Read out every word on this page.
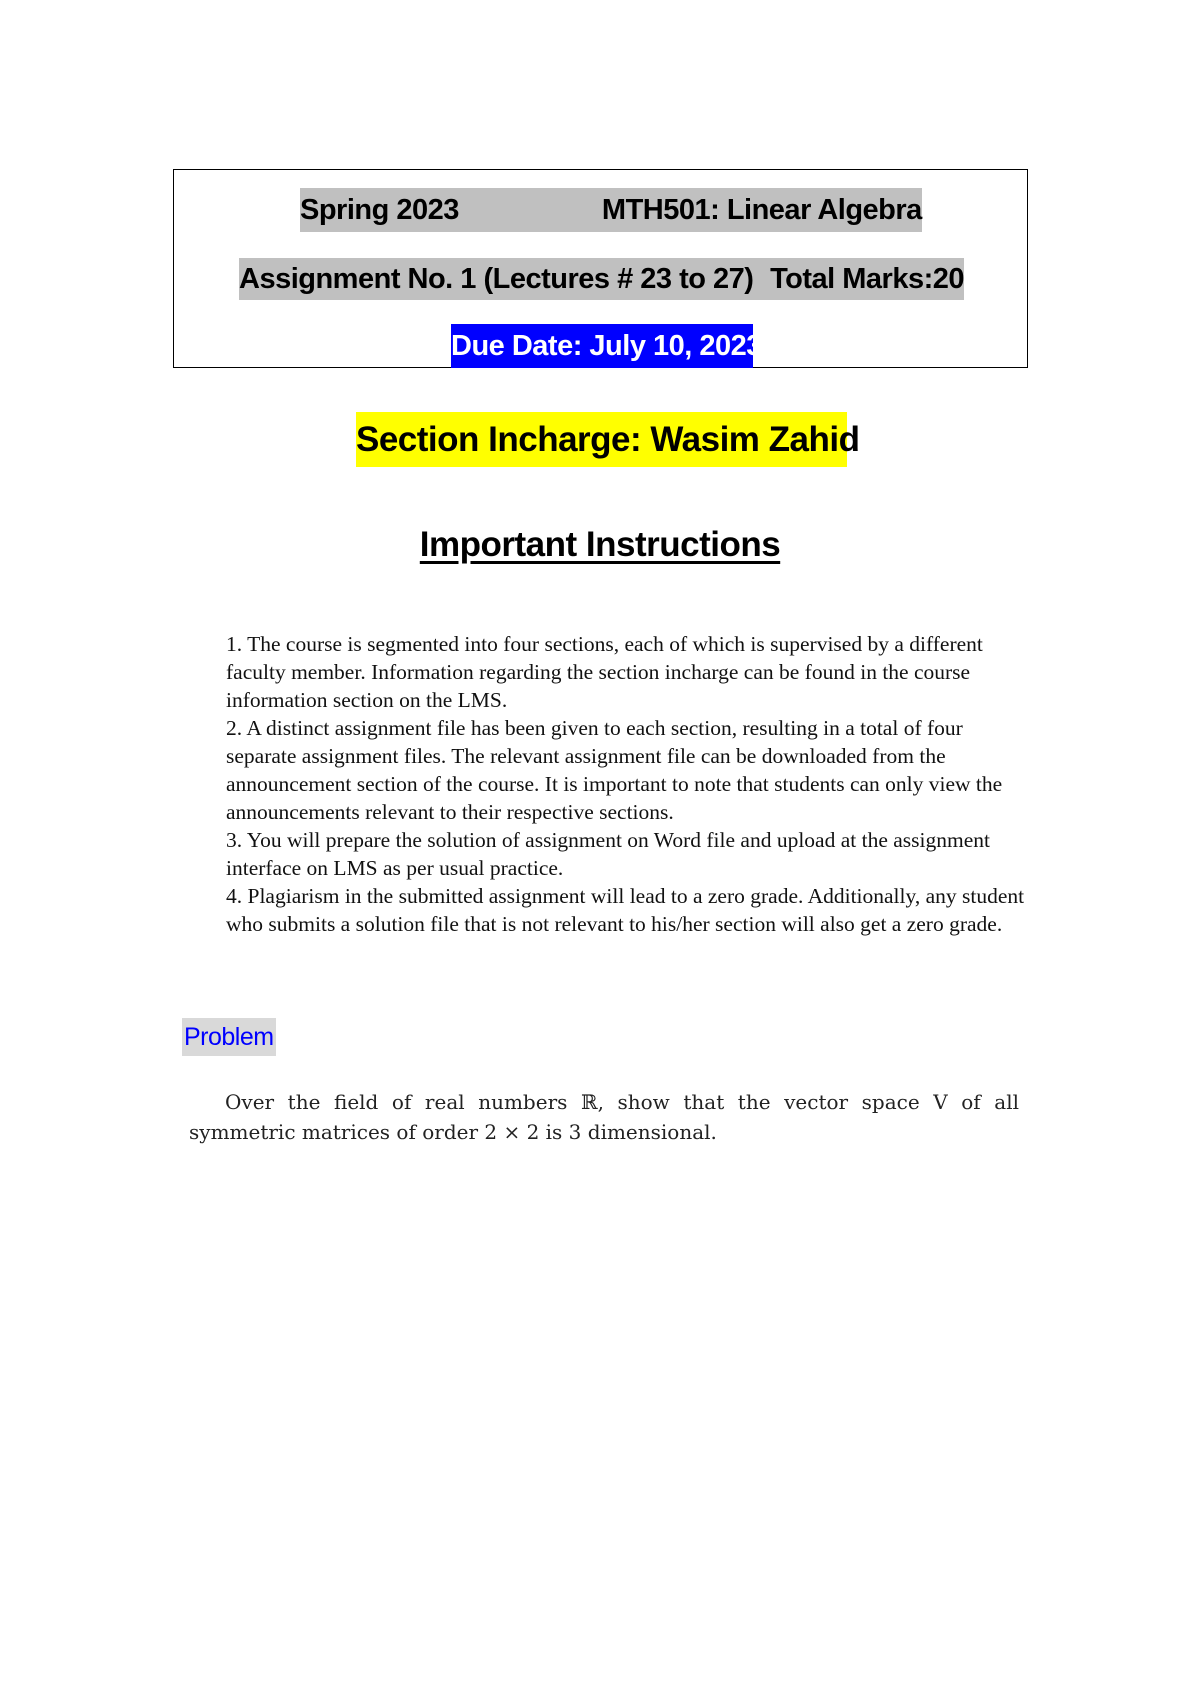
Spring 2023	MTH501: Linear Algebra
Assignment No. 1 (Lectures # 23 to 27) Total Marks:20
Due Date: July 10, 2023
Section Incharge: Wasim Zahid
Important Instructions

1. The course is segmented into four sections, each of which is supervised by a different faculty member. Information regarding the section incharge can be found in the course information section on the LMS.

2. A distinct assignment file has been given to each section, resulting in a total of four separate assignment files. The relevant assignment file can be downloaded from the announcement section of the course. It is important to note that students can only view the announcements relevant to their respective sections.

3. You will prepare the solution of assignment on Word file and upload at the assignment interface on LMS as per usual practice.

4. Plagiarism in the submitted assignment will lead to a zero grade. Additionally, any student who submits a solution file that is not relevant to his/her section will also get a zero grade.

Problem
Over the field of real numbers ℝ, show that the vector space V of all symmetric matrices of order 2 × 2 is 3 dimensional.
